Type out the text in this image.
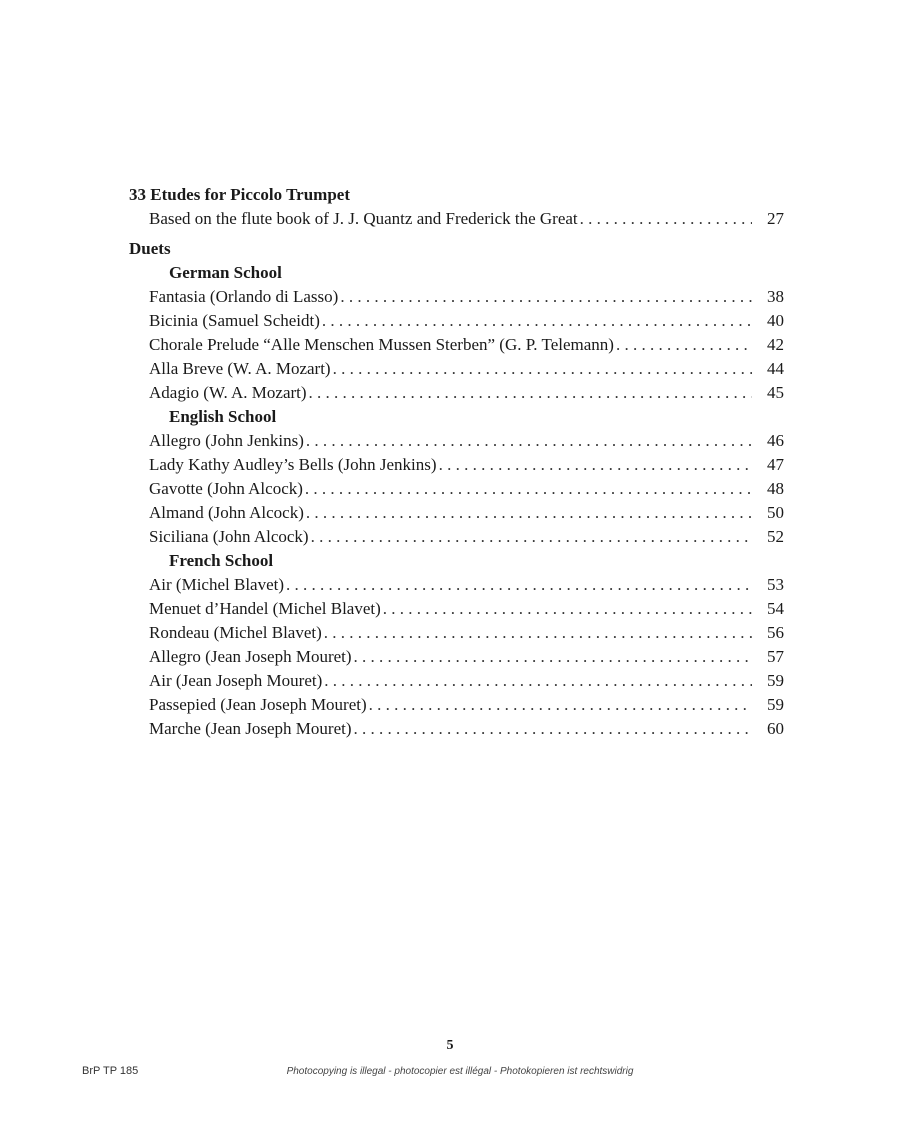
33 Etudes for Piccolo Trumpet
Based on the flute book of J. J. Quantz and Frederick the Great . . .	27
Duets
German School
Fantasia (Orlando di Lasso) . . .	38
Bicinia (Samuel Scheidt) . . .	40
Chorale Prelude “Alle Menschen Mussen Sterben” (G. P. Telemann) . . .	42
Alla Breve (W. A. Mozart) . . .	44
Adagio (W. A. Mozart) . . .	45
English School
Allegro (John Jenkins) . . .	46
Lady Kathy Audley’s Bells (John Jenkins) . . .	47
Gavotte (John Alcock) . . .	48
Almand (John Alcock) . . .	50
Siciliana (John Alcock) . . .	52
French School
Air (Michel Blavet) . . .	53
Menuet d’Handel (Michel Blavet) . . .	54
Rondeau (Michel Blavet) . . .	56
Allegro (Jean Joseph Mouret) . . .	57
Air (Jean Joseph Mouret) . . .	59
Passepied (Jean Joseph Mouret) . . .	59
Marche (Jean Joseph Mouret) . . .	60
5
BrP TP 185	Photocopying is illegal - photocopier est illégal - Photokopieren ist rechtswidrig
